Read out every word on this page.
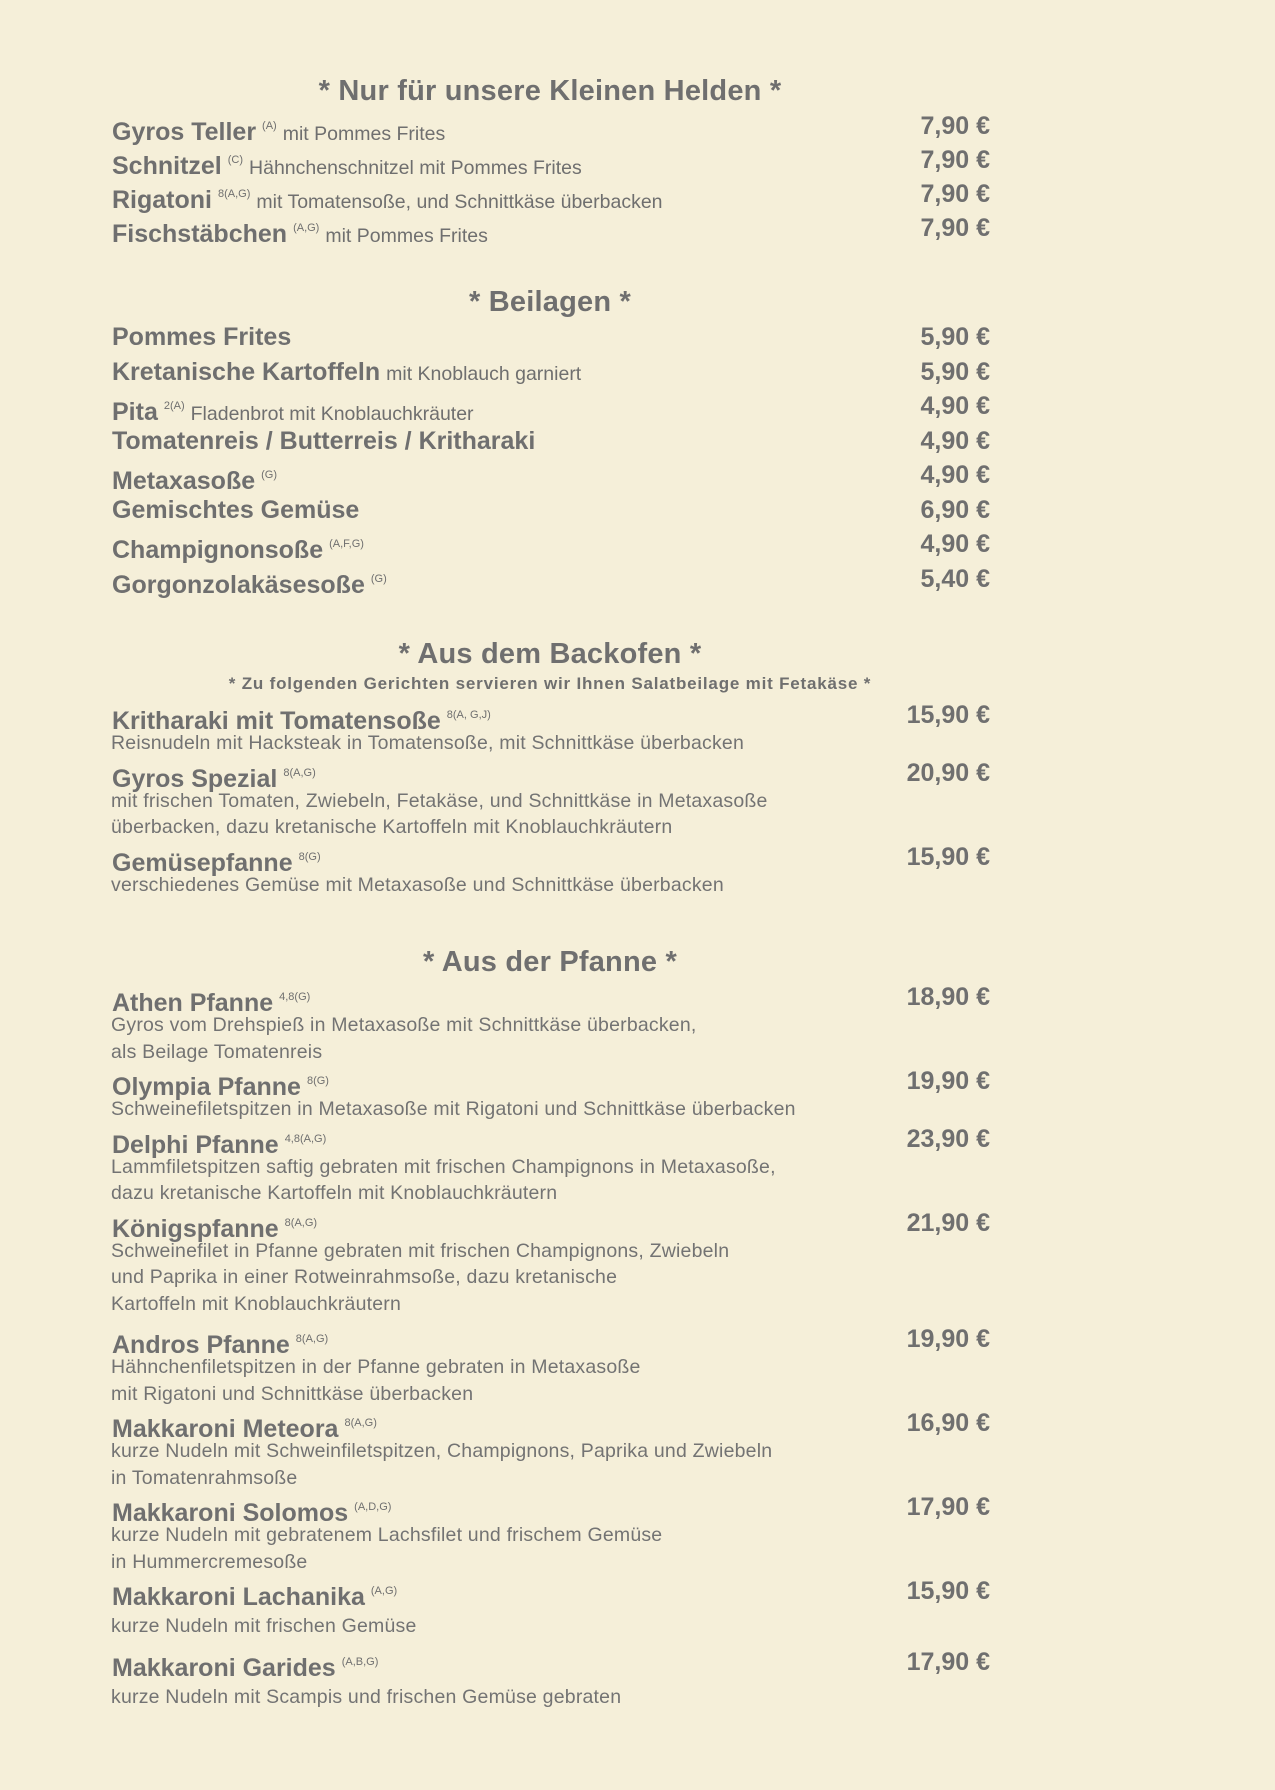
* Nur für unsere Kleinen Helden *
Gyros Teller $^{(A)}$ mit Pommes Frites	7,90 €
Schnitzel $^{(C)}$ Hähnchenschnitzel mit Pommes Frites	7,90 €
Rigatoni $^{8(A,G)}$ mit Tomatensoße, und Schnittkäse überbacken	7,90 €
Fischstäbchen $^{(A,G)}$ mit Pommes Frites	7,90 €
* Beilagen *
Pommes Frites	5,90 €
Kretanische Kartoffeln mit Knoblauch garniert	5,90 €
Pita $^{2(A)}$ Fladenbrot mit Knoblauchkräuter	4,90 €
Tomatenreis / Butterreis / Kritharaki	4,90 €
Metaxasoße $^{(G)}$	4,90 €
Gemischtes Gemüse	6,90 €
Champignonsoße $^{(A,F,G)}$	4,90 €
Gorgonzolakäsesoße $^{(G)}$	5,40 €
* Aus dem Backofen *

* Zu folgenden Gerichten servieren wir Ihnen Salatbeilage mit Fetakäse *

Kritharaki mit Tomatensoße $^{8(A, G,J)}$	15,90 €
Reisnudeln mit Hacksteak in Tomatensoße, mit Schnittkäse überbacken
Gyros Spezial $^{8(A,G)}$	20,90 €
mit frischen Tomaten, Zwiebeln, Fetakäse, und Schnittkäse in Metaxasoße
überbacken, dazu kretanische Kartoffeln mit Knoblauchkräutern
Gemüsepfanne $^{8(G)}$	15,90 €
verschiedenes Gemüse mit Metaxasoße und Schnittkäse überbacken
* Aus der Pfanne *
Athen Pfanne $^{4,8(G)}$	18,90 €
Gyros vom Drehspieß in Metaxasoße mit Schnittkäse überbacken,
als Beilage Tomatenreis
Olympia Pfanne $^{8(G)}$	19,90 €
Schweinefiletspitzen in Metaxasoße mit Rigatoni und Schnittkäse überbacken
Delphi Pfanne $^{4,8(A,G)}$	23,90 €
Lammfiletspitzen saftig gebraten mit frischen Champignons in Metaxasoße,
dazu kretanische Kartoffeln mit Knoblauchkräutern
Königspfanne $^{8(A,G)}$	21,90 €
Schweinefilet in Pfanne gebraten mit frischen Champignons, Zwiebeln
und Paprika in einer Rotweinrahmsoße, dazu kretanische
Kartoffeln mit Knoblauchkräutern
Andros Pfanne $^{8(A,G)}$	19,90 €
Hähnchenfiletspitzen in der Pfanne gebraten in Metaxasoße
mit Rigatoni und Schnittkäse überbacken
Makkaroni Meteora $^{8(A,G)}$	16,90 €
kurze Nudeln mit Schweinfiletspitzen, Champignons, Paprika und Zwiebeln
in Tomatenrahmsoße
Makkaroni Solomos $^{(A,D,G)}$	17,90 €
kurze Nudeln mit gebratenem Lachsfilet und frischem Gemüse
in Hummercremesoße
Makkaroni Lachanika $^{(A,G)}$	15,90 €
kurze Nudeln mit frischen Gemüse
Makkaroni Garides $^{(A,B,G)}$	17,90 €
kurze Nudeln mit Scampis und frischen Gemüse gebraten
